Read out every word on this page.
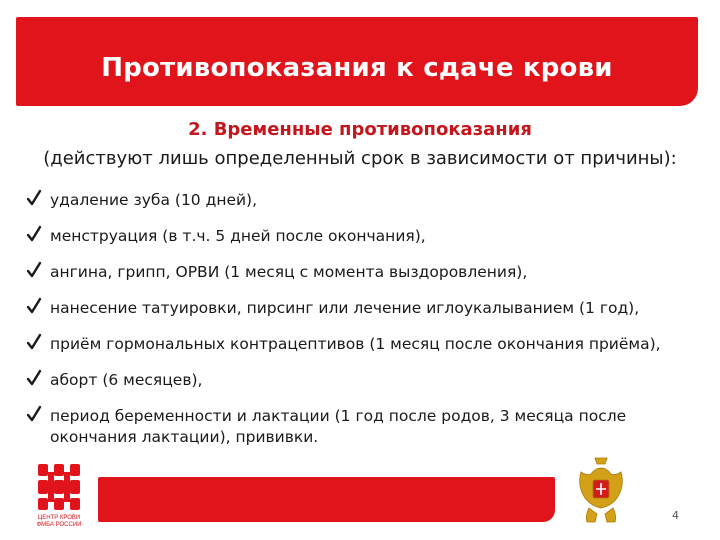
Противопоказания к сдаче крови
2. Временные противопоказания
(действуют лишь определенный срок в зависимости от причины):
удаление зуба (10 дней),
менструация (в т.ч. 5 дней после окончания),
ангина, грипп, ОРВИ (1 месяц с момента выздоровления),
нанесение татуировки, пирсинг или лечение иглоукалыванием (1 год),
приём гормональных контрацептивов (1 месяц после окончания приёма),
аборт (6 месяцев),
период беременности и лактации (1 год после родов, 3 месяца после окончания лактации), прививки.
ЦЕНТР КРОВИ
ФМБА РОССИИ
4
